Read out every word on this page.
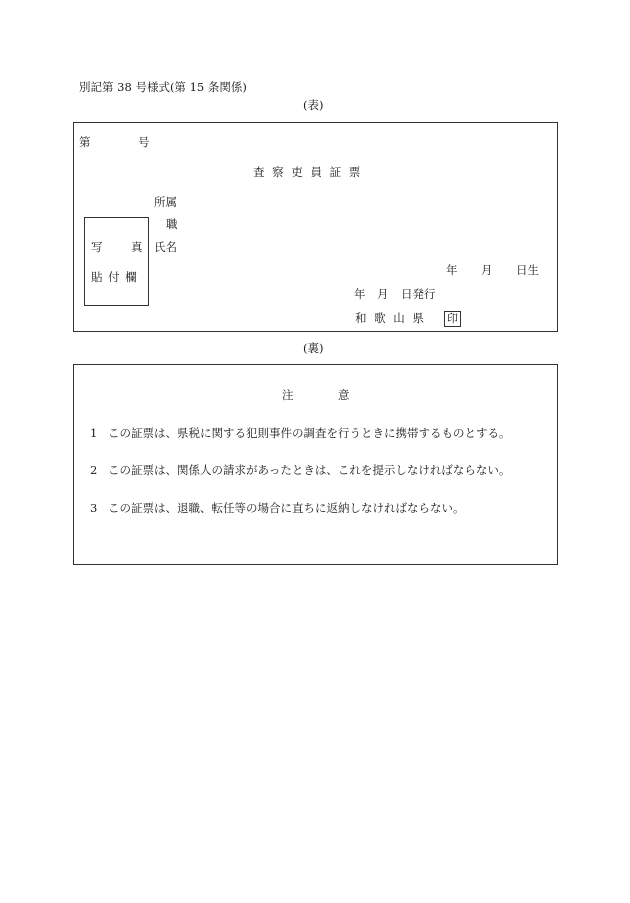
別記第 38 号様式(第 15 条関係)
(表)
第	号
査 察 吏 員 証 票
所属
職
氏名
写 真
貼 付 欄	年 月 日生
年 月 日発行
和 歌 山 県 印
(裏)
注	意
1 この証票は、県税に関する犯則事件の調査を行うときに携帯するものとする。
2 この証票は、関係人の請求があったときは、これを提示しなければならない。
3 この証票は、退職、転任等の場合に直ちに返納しなければならない。
